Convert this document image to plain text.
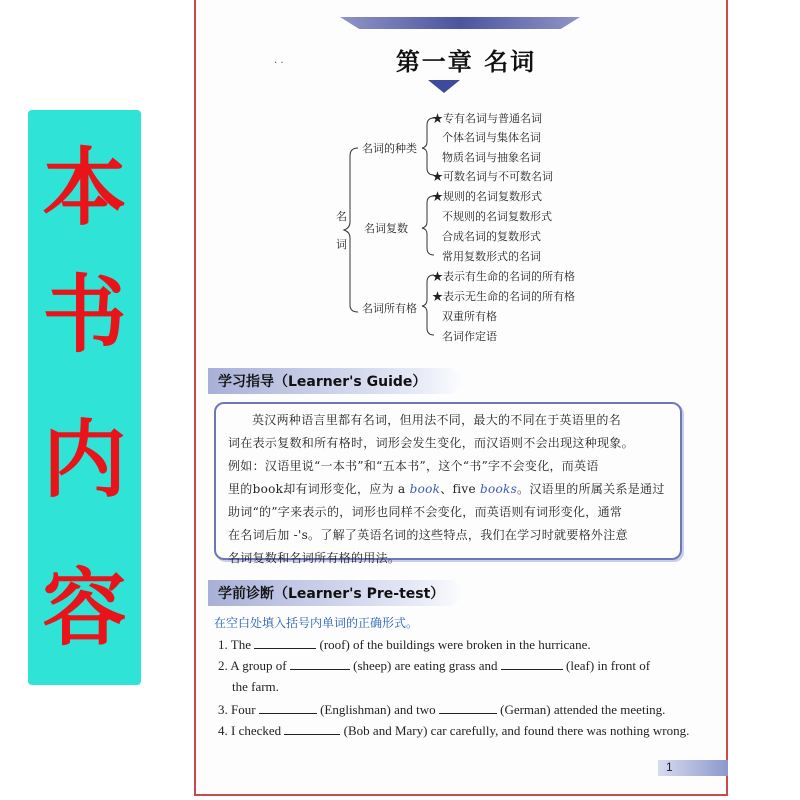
本
书
内
容
· ·	第一章 名词
名
词
名词的种类
★专有名词与普通名词
个体名词与集体名词
物质名词与抽象名词
★可数名词与不可数名词
名词复数
★规则的名词复数形式
不规则的名词复数形式
合成名词的复数形式
常用复数形式的名词
名词所有格
★表示有生命的名词的所有格
★表示无生命的名词的所有格
双重所有格
名词作定语
学习指导（Learner's Guide）
英汉两种语言里都有名词，但用法不同，最大的不同在于英语里的名
词在表示复数和所有格时，词形会发生变化，而汉语则不会出现这种现象。
例如：汉语里说“一本书”和“五本书”，这个“书”字不会变化，而英语
里的book却有词形变化，应为 a book、five books。汉语里的所属关系是通过
助词“的”字来表示的，词形也同样不会变化，而英语则有词形变化，通常
在名词后加 -'s。了解了英语名词的这些特点，我们在学习时就要格外注意
名词复数和名词所有格的用法。
学前诊断（Learner's Pre-test）
在空白处填入括号内单词的正确形式。
1. The	(roof) of the buildings were broken in the hurricane.
2. A group of	(sheep) are eating grass and	(leaf) in front of
the farm.
3. Four	(Englishman) and two	(German) attended the meeting.
4. I checked	(Bob and Mary) car carefully, and found there was nothing wrong.
1
